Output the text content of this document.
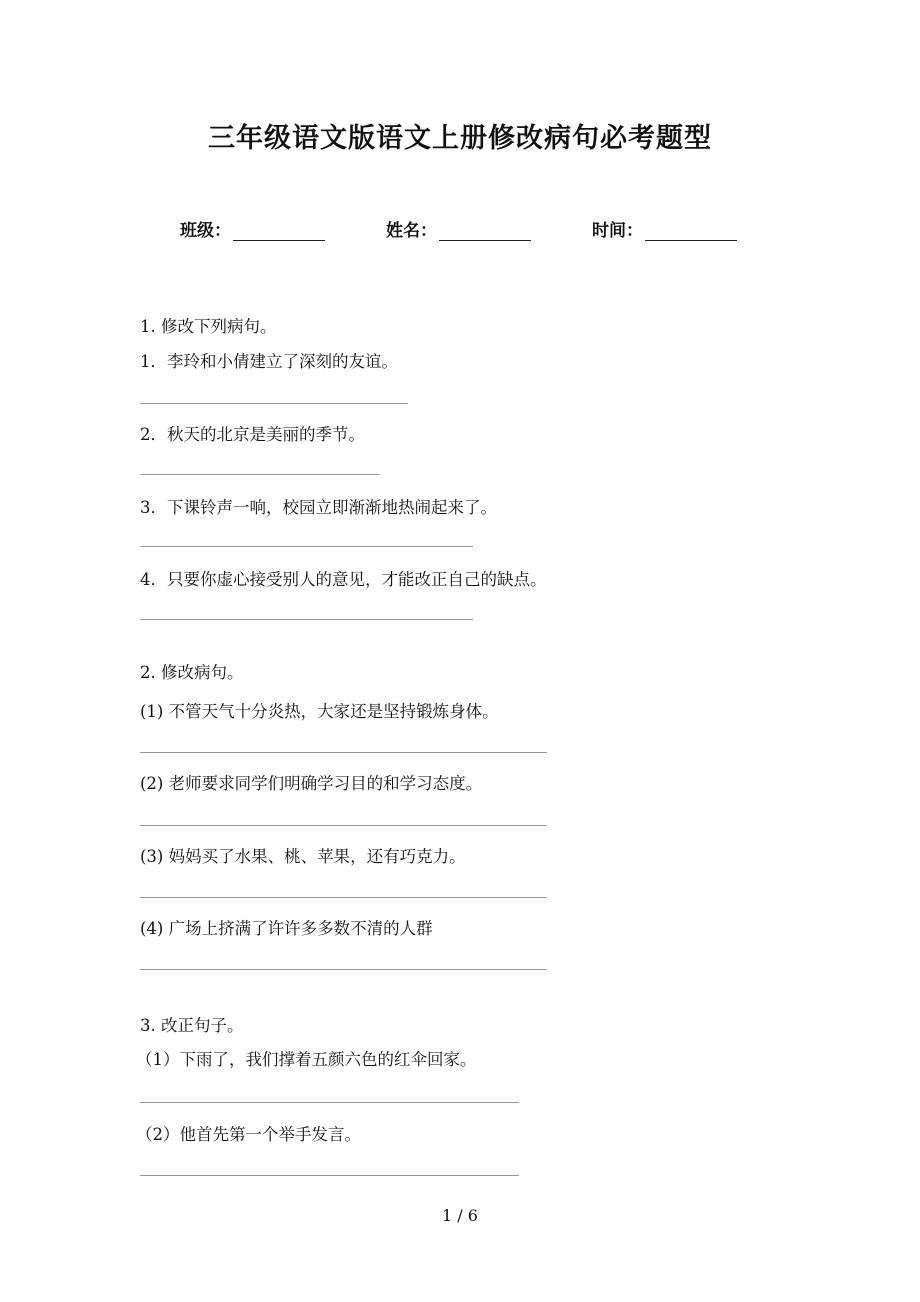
三年级语文版语文上册修改病句必考题型
班级：	姓名：	时间：
1. 修改下列病句。
1．李玲和小倩建立了深刻的友谊。
2．秋天的北京是美丽的季节。
3．下课铃声一响，校园立即渐渐地热闹起来了。
4．只要你虚心接受别人的意见，才能改正自己的缺点。
2. 修改病句。
(1) 不管天气十分炎热，大家还是坚持锻炼身体。
(2) 老师要求同学们明确学习目的和学习态度。
(3) 妈妈买了水果、桃、苹果，还有巧克力。
(4) 广场上挤满了许许多多数不清的人群
3. 改正句子。
（1）下雨了，我们撑着五颜六色的红伞回家。
（2）他首先第一个举手发言。
1 / 6
